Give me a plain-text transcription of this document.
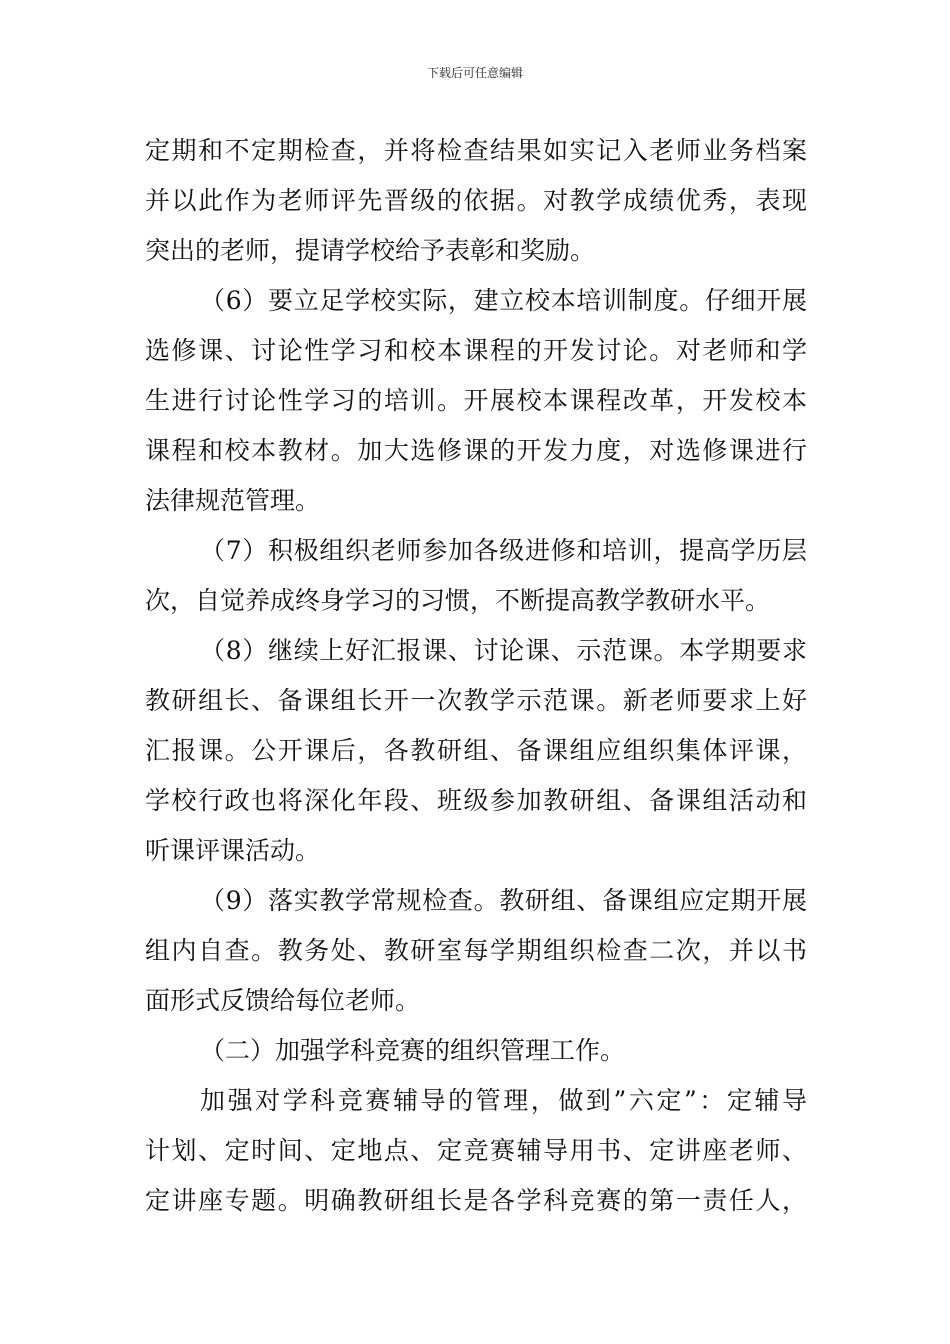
下载后可任意编辑
定期和不定期检查，并将检查结果如实记入老师业务档案
并以此作为老师评先晋级的依据。对教学成绩优秀，表现
突出的老师，提请学校给予表彰和奖励。
（6）要立足学校实际，建立校本培训制度。仔细开展
选修课、讨论性学习和校本课程的开发讨论。对老师和学
生进行讨论性学习的培训。开展校本课程改革，开发校本
课程和校本教材。加大选修课的开发力度，对选修课进行
法律规范管理。
（7）积极组织老师参加各级进修和培训，提高学历层
次，自觉养成终身学习的习惯，不断提高教学教研水平。
（8）继续上好汇报课、讨论课、示范课。本学期要求
教研组长、备课组长开一次教学示范课。新老师要求上好
汇报课。公开课后，各教研组、备课组应组织集体评课，
学校行政也将深化年段、班级参加教研组、备课组活动和
听课评课活动。
（9）落实教学常规检查。教研组、备课组应定期开展
组内自查。教务处、教研室每学期组织检查二次，并以书
面形式反馈给每位老师。
（二）加强学科竞赛的组织管理工作。
加强对学科竞赛辅导的管理，做到”六定”：定辅导
计划、定时间、定地点、定竞赛辅导用书、定讲座老师、
定讲座专题。明确教研组长是各学科竞赛的第一责任人，
